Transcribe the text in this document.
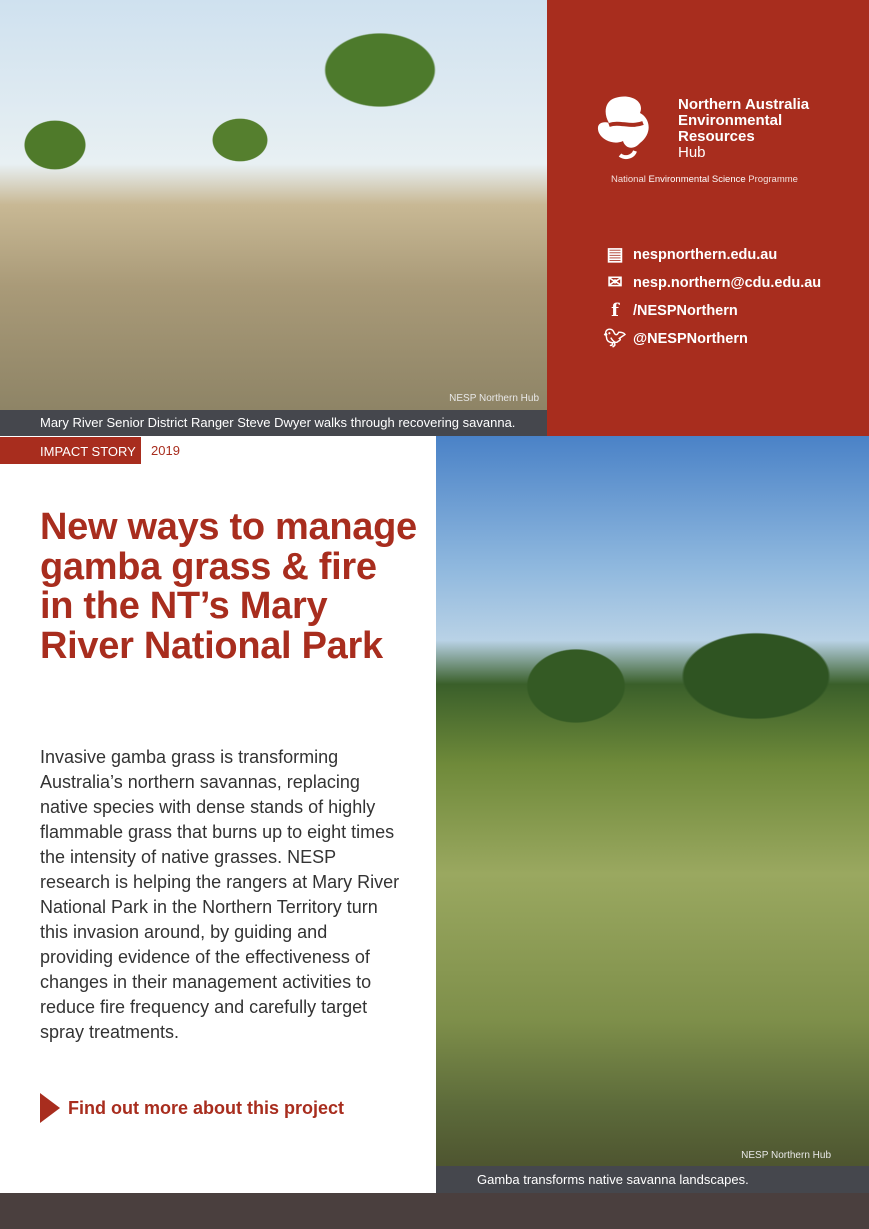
NESP Northern Hub
Mary River Senior District Ranger Steve Dwyer walks through recovering savanna.
Northern Australia
Environmental
Resources
Hub
National Environmental Science Programme
▤ nespnorthern.edu.au
✉ nesp.northern@cdu.edu.au
f /NESPNorthern
🐦︎ @NESPNorthern
IMPACT STORY	2019
New ways to manage gamba grass & fire in the NT’s Mary River National Park

Invasive gamba grass is transforming Australia’s northern savannas, replacing native species with dense stands of highly flammable grass that burns up to eight times the intensity of native grasses. NESP research is helping the rangers at Mary River National Park in the Northern Territory turn this invasion around, by guiding and providing evidence of the effectiveness of changes in their management activities to reduce fire frequency and carefully target spray treatments.

Find out more about this project
NESP Northern Hub
Gamba transforms native savanna landscapes.
